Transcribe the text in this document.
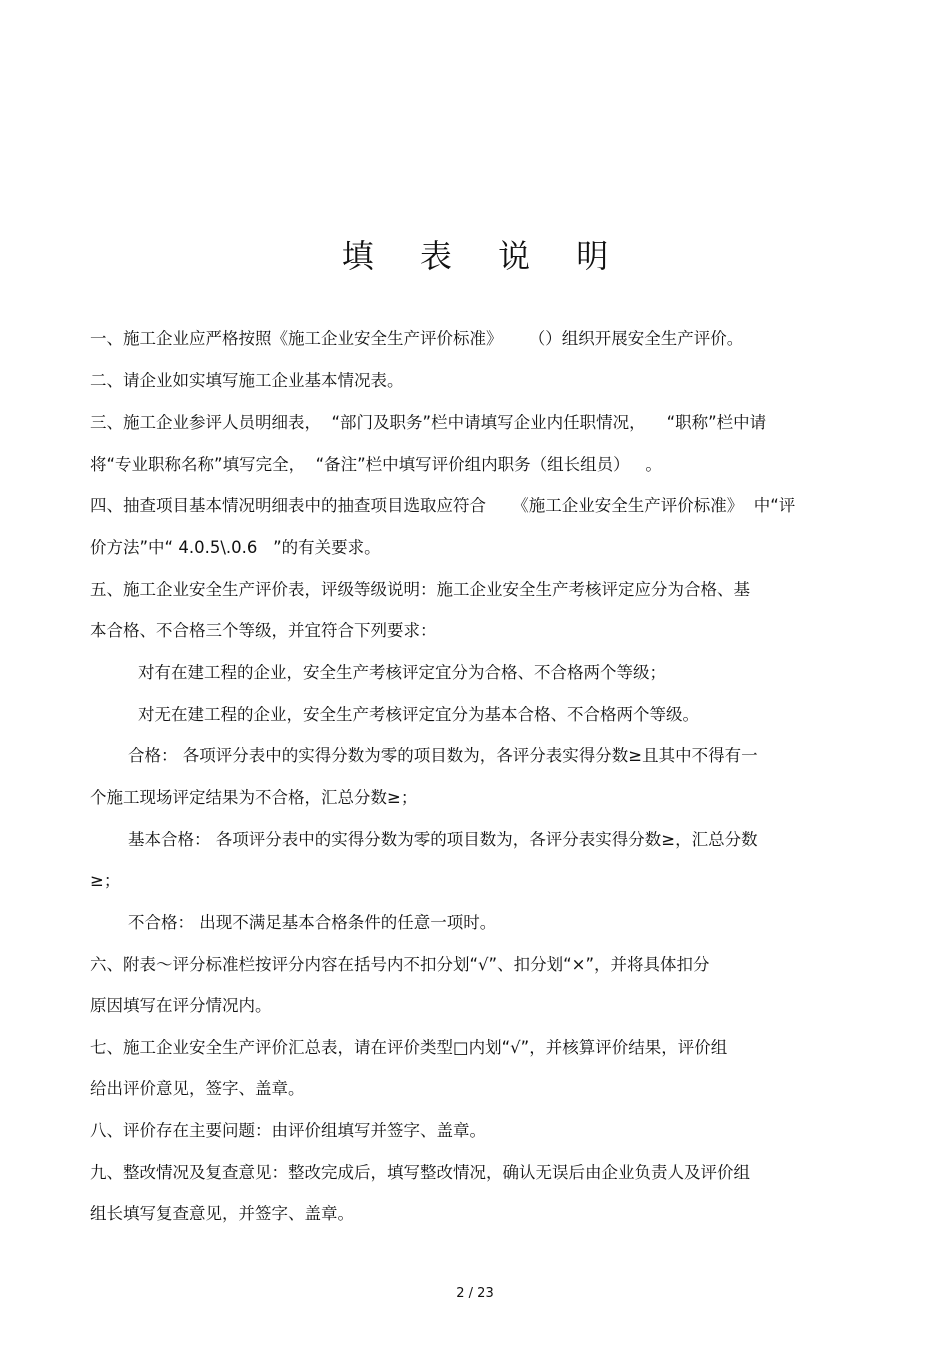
填 表 说 明
一、施工企业应严格按照《施工企业安全生产评价标准》     （）组织开展安全生产评价。
二、请企业如实填写施工企业基本情况表。
三、施工企业参评人员明细表，  “部门及职务”栏中请填写企业内任职情况，    “职称”栏中请
将“专业职称名称”填写完全，  “备注”栏中填写评价组内职务（组长组员）   。
四、抽查项目基本情况明细表中的抽查项目选取应符合     《施工企业安全生产评价标准》  中“评
价方法”中“ 4.0.5\.0.6   ”的有关要求。
五、施工企业安全生产评价表，评级等级说明：施工企业安全生产考核评定应分为合格、基
本合格、不合格三个等级，并宜符合下列要求：
对有在建工程的企业，安全生产考核评定宜分为合格、不合格两个等级；
对无在建工程的企业，安全生产考核评定宜分为基本合格、不合格两个等级。
合格： 各项评分表中的实得分数为零的项目数为，各评分表实得分数≥且其中不得有一
个施工现场评定结果为不合格，汇总分数≥；
基本合格： 各项评分表中的实得分数为零的项目数为，各评分表实得分数≥，汇总分数
≥；
不合格： 出现不满足基本合格条件的任意一项时。
六、附表～评分标准栏按评分内容在括号内不扣分划“√”、扣分划“×”，并将具体扣分
原因填写在评分情况内。
七、施工企业安全生产评价汇总表，请在评价类型□内划“√”，并核算评价结果，评价组
给出评价意见，签字、盖章。
八、评价存在主要问题：由评价组填写并签字、盖章。
九、整改情况及复查意见：整改完成后，填写整改情况，确认无误后由企业负责人及评价组
组长填写复查意见，并签字、盖章。
2 / 23
